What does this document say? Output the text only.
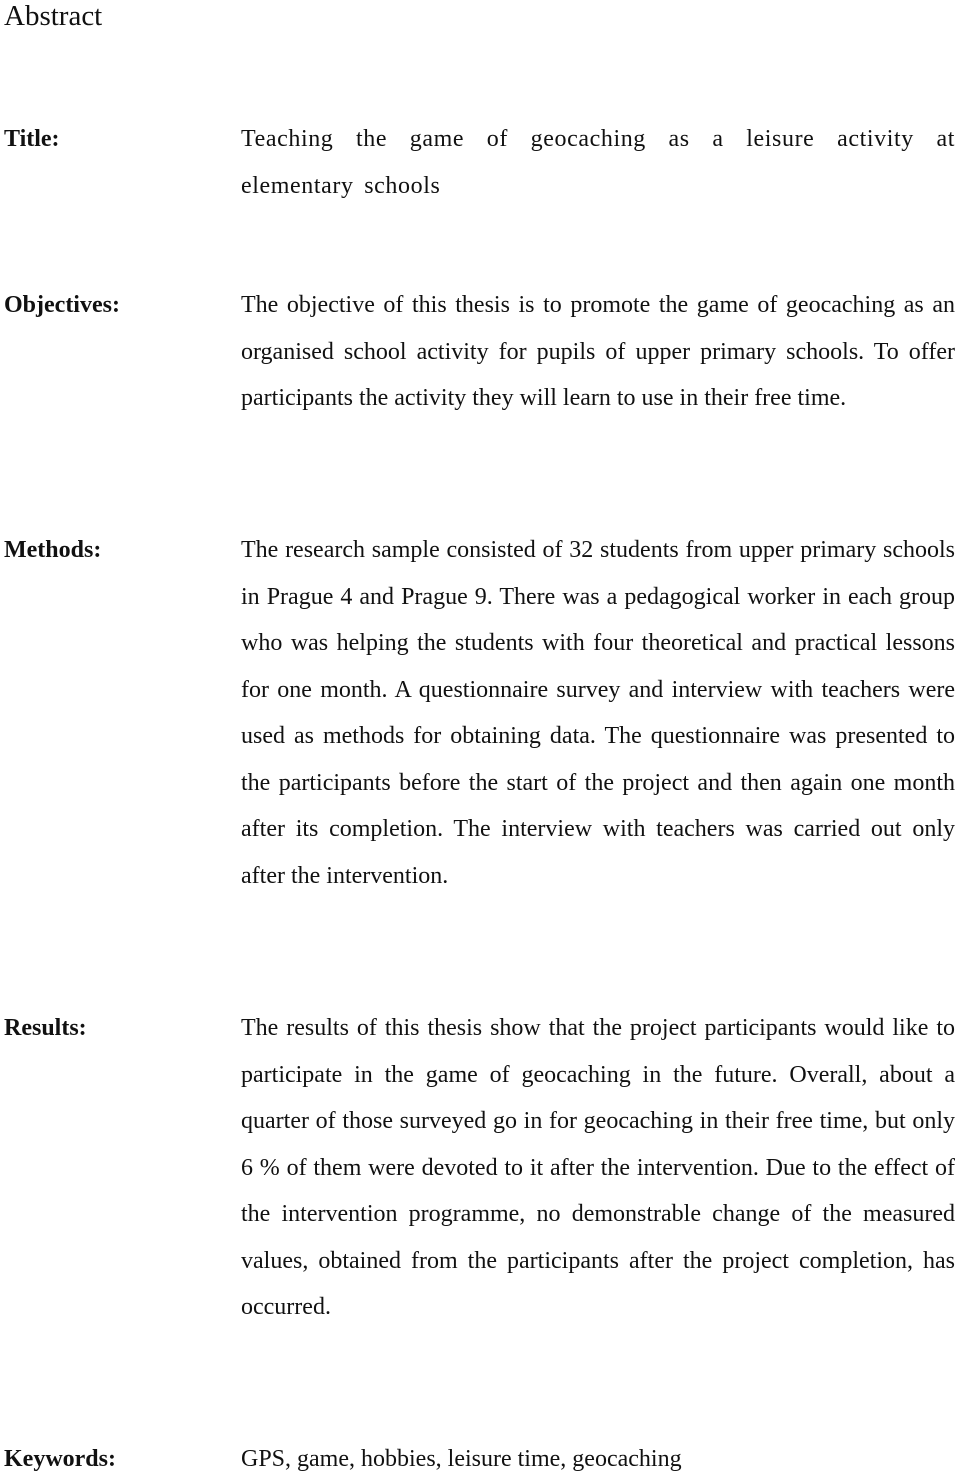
Abstract

Title:	Teaching the game of geocaching as a leisure activity at elementary schools

Objectives:	The objective of this thesis is to promote the game of geocaching as an organised school activity for pupils of upper primary schools. To offer participants the activity they will learn to use in their free time.

Methods:	The research sample consisted of 32 students from upper primary schools in Prague 4 and Prague 9. There was a pedagogical worker in each group who was helping the students with four theoretical and practical lessons for one month. A questionnaire survey and interview with teachers were used as methods for obtaining data. The questionnaire was presented to the participants before the start of the project and then again one month after its completion. The interview with teachers was carried out only after the intervention.

Results:	The results of this thesis show that the project participants would like to participate in the game of geocaching in the future. Overall, about a quarter of those surveyed go in for geocaching in their free time, but only 6 % of them were devoted to it after the intervention. Due to the effect of the intervention programme, no demonstrable change of the measured values, obtained from the participants after the project completion, has occurred.

Keywords:	GPS, game, hobbies, leisure time, geocaching
